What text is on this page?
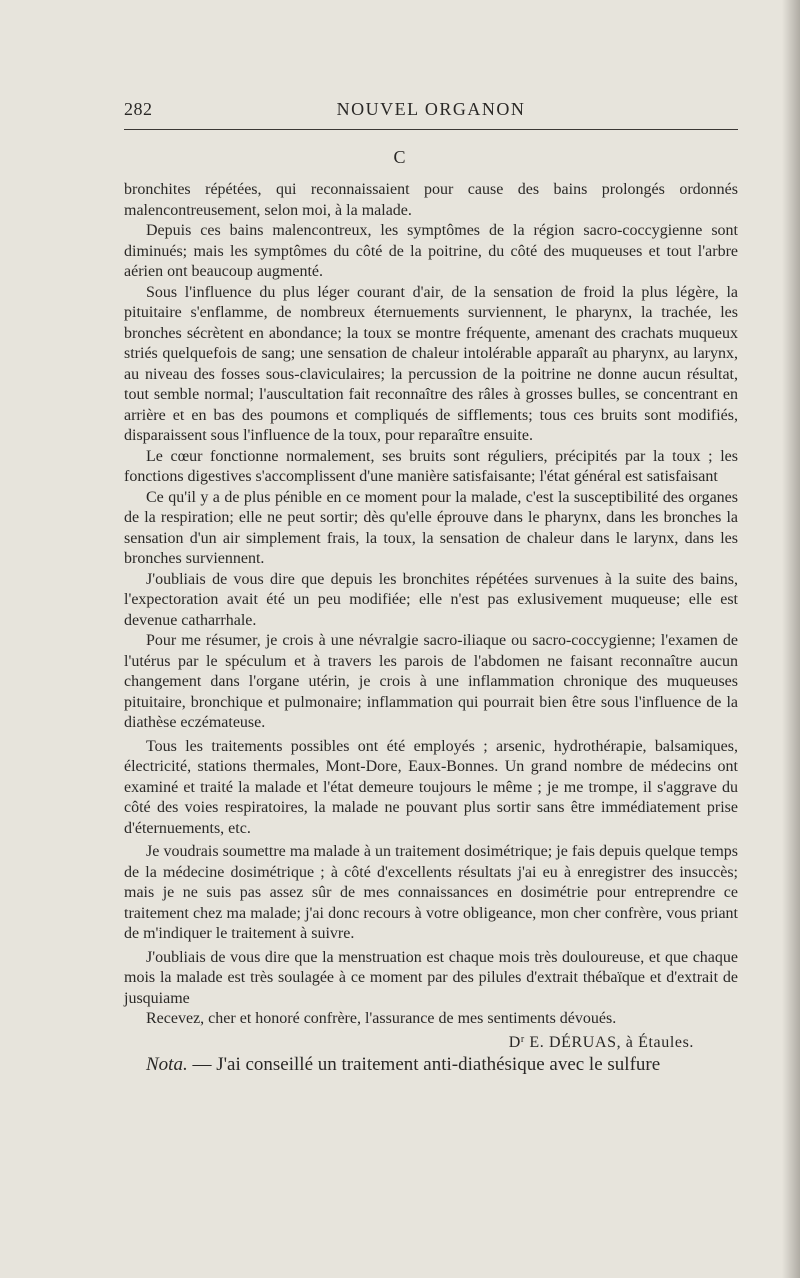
282	NOUVEL ORGANON
C

bronchites répétées, qui reconnaissaient pour cause des bains prolongés ordonnés malencontreusement, selon moi, à la malade.

Depuis ces bains malencontreux, les symptômes de la région sacro-coccygienne sont diminués; mais les symptômes du côté de la poitrine, du côté des muqueuses et tout l'arbre aérien ont beaucoup augmenté.

Sous l'influence du plus léger courant d'air, de la sensation de froid la plus légère, la pituitaire s'enflamme, de nombreux éternuements surviennent, le pharynx, la trachée, les bronches sécrètent en abondance; la toux se montre fréquente, amenant des crachats muqueux striés quelquefois de sang; une sensation de chaleur intolérable apparaît au pharynx, au larynx, au niveau des fosses sous-claviculaires; la percussion de la poitrine ne donne aucun résultat, tout semble normal; l'auscultation fait reconnaître des râles à grosses bulles, se concentrant en arrière et en bas des poumons et compliqués de sifflements; tous ces bruits sont modifiés, disparaissent sous l'influence de la toux, pour reparaître ensuite.

Le cœur fonctionne normalement, ses bruits sont réguliers, précipités par la toux ; les fonctions digestives s'accomplissent d'une manière satisfaisante; l'état général est satisfaisant

Ce qu'il y a de plus pénible en ce moment pour la malade, c'est la susceptibilité des organes de la respiration; elle ne peut sortir; dès qu'elle éprouve dans le pharynx, dans les bronches la sensation d'un air simplement frais, la toux, la sensation de chaleur dans le larynx, dans les bronches surviennent.

J'oubliais de vous dire que depuis les bronchites répétées survenues à la suite des bains, l'expectoration avait été un peu modifiée; elle n'est pas exlusivement muqueuse; elle est devenue catharrhale.

Pour me résumer, je crois à une névralgie sacro-iliaque ou sacro-coccygienne; l'examen de l'utérus par le spéculum et à travers les parois de l'abdomen ne faisant reconnaître aucun changement dans l'organe utérin, je crois à une inflammation chronique des muqueuses pituitaire, bronchique et pulmonaire; inflammation qui pourrait bien être sous l'influence de la diathèse eczémateuse.

Tous les traitements possibles ont été employés ; arsenic, hydrothérapie, balsamiques, électricité, stations thermales, Mont-Dore, Eaux-Bonnes. Un grand nombre de médecins ont examiné et traité la malade et l'état demeure toujours le même ; je me trompe, il s'aggrave du côté des voies respiratoires, la malade ne pouvant plus sortir sans être immédiatement prise d'éternuements, etc.

Je voudrais soumettre ma malade à un traitement dosimétrique; je fais depuis quelque temps de la médecine dosimétrique ; à côté d'excellents résultats j'ai eu à enregistrer des insuccès; mais je ne suis pas assez sûr de mes connaissances en dosimétrie pour entreprendre ce traitement chez ma malade; j'ai donc recours à votre obligeance, mon cher confrère, vous priant de m'indiquer le traitement à suivre.

J'oubliais de vous dire que la menstruation est chaque mois très douloureuse, et que chaque mois la malade est très soulagée à ce moment par des pilules d'extrait thébaïque et d'extrait de jusquiame

Recevez, cher et honoré confrère, l'assurance de mes sentiments dévoués.

$D^r$ E. DÉRUAS, à Étaules.

Nota. — J'ai conseillé un traitement anti-diathésique avec le sulfure
